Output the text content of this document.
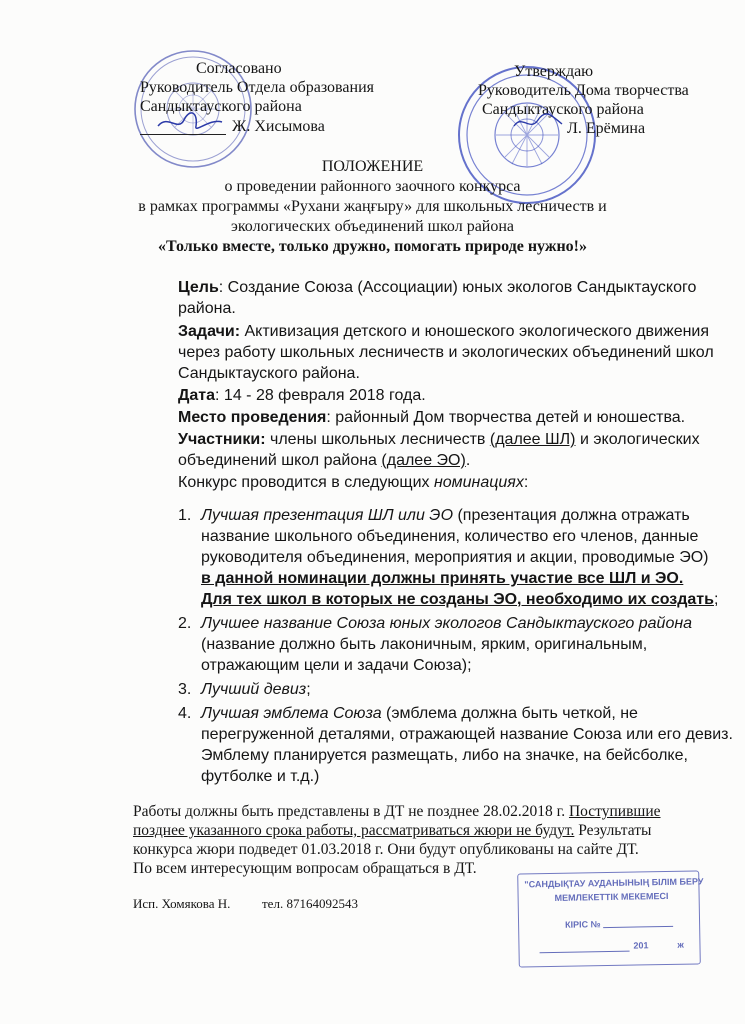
Согласовано
Руководитель Отдела образования
Сандыктауского района
Ж. Хисымова
Утверждаю
Руководитель Дома творчества
Сандыктауского района
Л. Ерёмина
ПОЛОЖЕНИЕ
о проведении районного заочного конкурса
в рамках программы «Рухани жаңғыру» для школьных лесничеств и
экологических объединений школ района
«Только вместе, только дружно, помогать природе нужно!»
Цель: Создание Союза (Ассоциации) юных экологов Сандыктауского
района.
Задачи: Активизация детского и юношеского экологического движения
через работу школьных лесничеств и экологических объединений школ
Сандыктауского района.
Дата: 14 - 28 февраля 2018 года.
Место проведения: районный Дом творчества детей и юношества.
Участники: члены школьных лесничеств (далее ШЛ) и экологических
объединений школ района (далее ЭО).
Конкурс проводится в следующих номинациях:
1. Лучшая презентация ШЛ или ЭО (презентация должна отражать
название школьного объединения, количество его членов, данные
руководителя объединения, мероприятия и акции, проводимые ЭО)
в данной номинации должны принять участие все ШЛ и ЭО.
Для тех школ в которых не созданы ЭО, необходимо их создать;
2. Лучшее название Союза юных экологов Сандыктауского района
(название должно быть лаконичным, ярким, оригинальным,
отражающим цели и задачи Союза);
3. Лучший девиз;
4. Лучшая эмблема Союза (эмблема должна быть четкой, не
перегруженной деталями, отражающей название Союза или его девиз.
Эмблему планируется размещать, либо на значке, на бейсболке,
футболке и т.д.)
Работы должны быть представлены в ДТ не позднее 28.02.2018 г. Поступившие
позднее указанного срока работы, рассматриваться жюри не будут. Результаты
конкурса жюри подведет 01.03.2018 г. Они будут опубликованы на сайте ДТ.
По всем интересующим вопросам обращаться в ДТ.
Исп. Хомякова Н. тел. 87164092543
"САНДЫҚТАУ АУДАНЫНЫҢ БІЛІМ БЕРУ
МЕМЛЕКЕТТІК МЕКЕМЕСІ
КІРІС №
201	ж
